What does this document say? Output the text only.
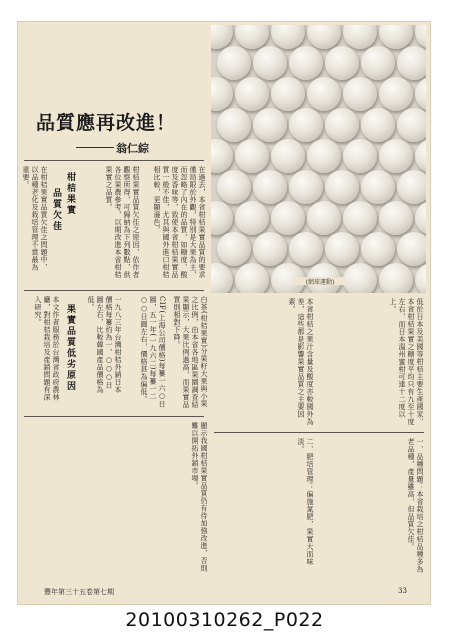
(網球運動)
品質應再改進！
翁仁綜
在過去，本省柑桔果實品質的要求僅局限於外觀，特別是大果為主，而忽略了內在的品質，如糖度、酸度及香味等，致使本省柑桔果實品質一般不佳，尤其與國外進口柑桔相比較，更顯遜色。
柑桔果實品質欠佳之原因，依作者觀察所得，可歸納為下列數點，供各位果農參考，以期改進本省柑桔果實之品質。
柑桔果實
品質欠佳
在柑桔果實品質欠佳之問題中，以品種老化及栽培管理不當最為重要。
白茶(柑桔果實)分果籽大果與小果之比例，由本省各地區果園調查結果顯示，大果比例過高，而果實品質則相對下降。
CIF(上海公司價格)每簍一六○日圓，五一年(一九六二)每簍一二○○日圓左右，價格甚為偏低。
一九八三年台灣柑桔外銷日本價格每簍約為一、○○○日圓左右，比較韓國產品價格為低。
果實品質低劣原因
本文作者服務於台灣省政府農林廳，對柑桔栽培及產銷問題有深入研究。
顯示我國柑桔果實品質仍有待加強改進，否則難以開拓外銷市場。
低於日本及美國等柑桔主要生產國家，本省柑桔果實之糖度平均只有九至十度左右，而日本溫州蜜柑可達十二度以上。
本省柑桔之果汁含量及酸度亦較國外為差，這些都是影響果實品質之主要因素。
一、品種問題：本省栽培之柑桔品種多為老品種，產量雖高，但品質欠佳。
二、肥培管理：偏施氮肥，果實大而味淡。
豐年第三十五卷第七期	33
20100310262_P022
